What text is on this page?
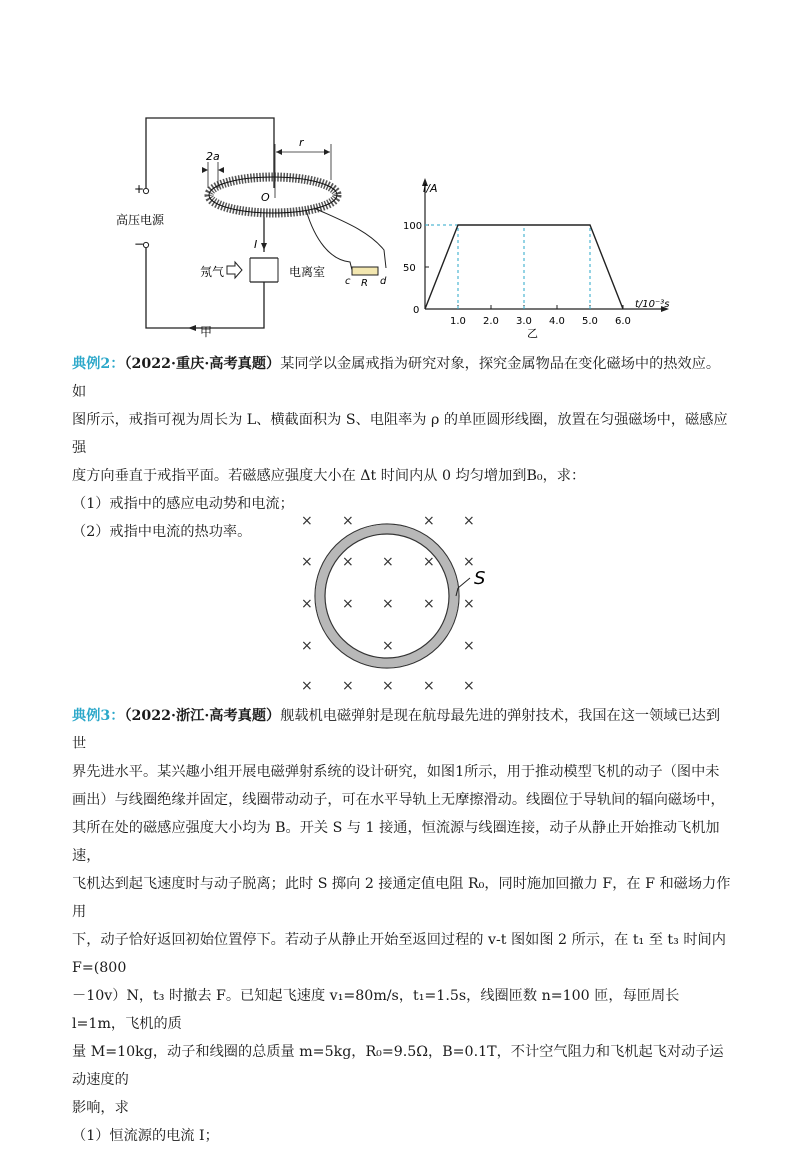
2a
r
O
I
+
−
高压电源
氖气	电离室
c R d
甲
I/A
t/10⁻³s
0
50
100
1.0 2.0 3.0 4.0 5.0 6.0
乙
典例2：（2022·重庆·高考真题）某同学以金属戒指为研究对象，探究金属物品在变化磁场中的热效应。如
图所示，戒指可视为周长为 L、横截面积为 S、电阻率为 ρ 的单匝圆形线圈，放置在匀强磁场中，磁感应强
度方向垂直于戒指平面。若磁感应强度大小在 Δt 时间内从 0 均匀增加到B₀，求：
（1）戒指中的感应电动势和电流；
（2）戒指中电流的热功率。
×
×
×
×
×
×
×
×
×
×
×
×
×
×
×
×
×
×
×
×
×
×
S
典例3：（2022·浙江·高考真题）舰载机电磁弹射是现在航母最先进的弹射技术，我国在这一领域已达到世
界先进水平。某兴趣小组开展电磁弹射系统的设计研究，如图1所示，用于推动模型飞机的动子（图中未
画出）与线圈绝缘并固定，线圈带动动子，可在水平导轨上无摩擦滑动。线圈位于导轨间的辐向磁场中，
其所在处的磁感应强度大小均为 B。开关 S 与 1 接通，恒流源与线圈连接，动子从静止开始推动飞机加速，
飞机达到起飞速度时与动子脱离；此时 S 掷向 2 接通定值电阻 R₀，同时施加回撤力 F，在 F 和磁场力作用
下，动子恰好返回初始位置停下。若动子从静止开始至返回过程的 v-t 图如图 2 所示，在 t₁ 至 t₃ 时间内 F=(800
－10v）N，t₃ 时撤去 F。已知起飞速度 v₁=80m/s，t₁=1.5s，线圈匝数 n=100 匝，每匝周长 l=1m，飞机的质
量 M=10kg，动子和线圈的总质量 m=5kg，R₀=9.5Ω，B=0.1T，不计空气阻力和飞机起飞对动子运动速度的
影响，求
（1）恒流源的电流 I；
